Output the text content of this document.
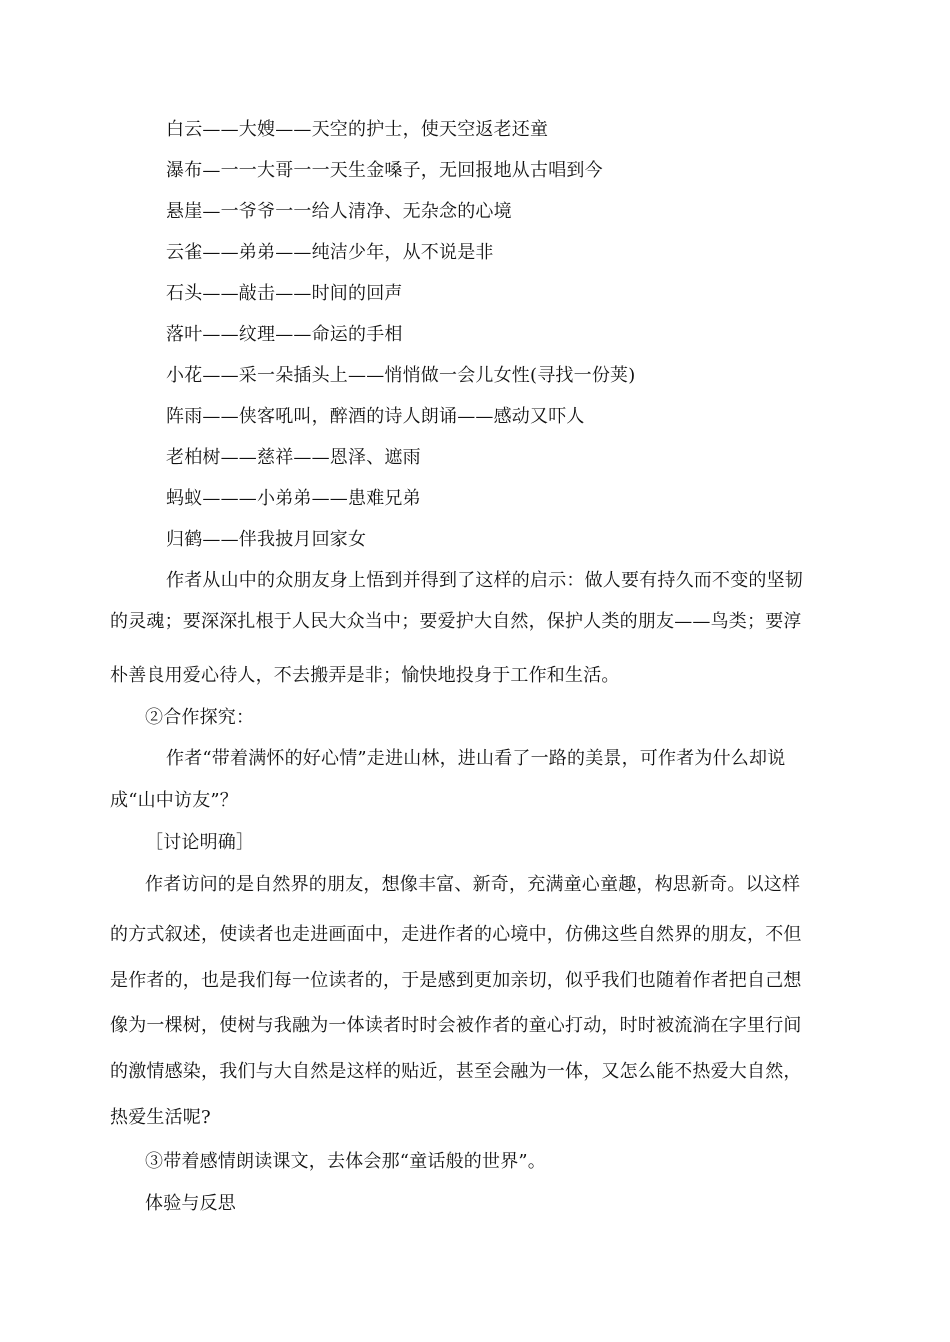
白云——大嫂——天空的护士，使天空返老还童
瀑布—一一大哥一一天生金嗓子，无回报地从古唱到今
悬崖—一爷爷一一给人清净、无杂念的心境
云雀——弟弟——纯洁少年，从不说是非
石头——敲击——时间的回声
落叶——纹理——命运的手相
小花——采一朵插头上——悄悄做一会儿女性(寻找一份荚)
阵雨——侠客吼叫，醉酒的诗人朗诵——感动又吓人
老柏树——慈祥——恩泽、遮雨
蚂蚁———小弟弟——患难兄弟
归鹤——伴我披月回家女
作者从山中的众朋友身上悟到并得到了这样的启示：做人要有持久而不变的坚韧
的灵魂；要深深扎根于人民大众当中；要爱护大自然，保护人类的朋友——鸟类；要淳
朴善良用爱心待人，不去搬弄是非；愉快地投身于工作和生活。
②合作探究：
作者“带着满怀的好心情”走进山林，进山看了一路的美景，可作者为什么却说
成“山中访友”？
［讨论明确］
作者访问的是自然界的朋友，想像丰富、新奇，充满童心童趣，构思新奇。以这样
的方式叙述，使读者也走进画面中，走进作者的心境中，仿佛这些自然界的朋友，不但
是作者的，也是我们每一位读者的，于是感到更加亲切，似乎我们也随着作者把自己想
像为一棵树，使树与我融为一体读者时时会被作者的童心打动，时时被流淌在字里行间
的激情感染，我们与大自然是这样的贴近，甚至会融为一体，又怎么能不热爱大自然，
热爱生活呢?
③带着感情朗读课文，去体会那“童话般的世界”。
体验与反思
